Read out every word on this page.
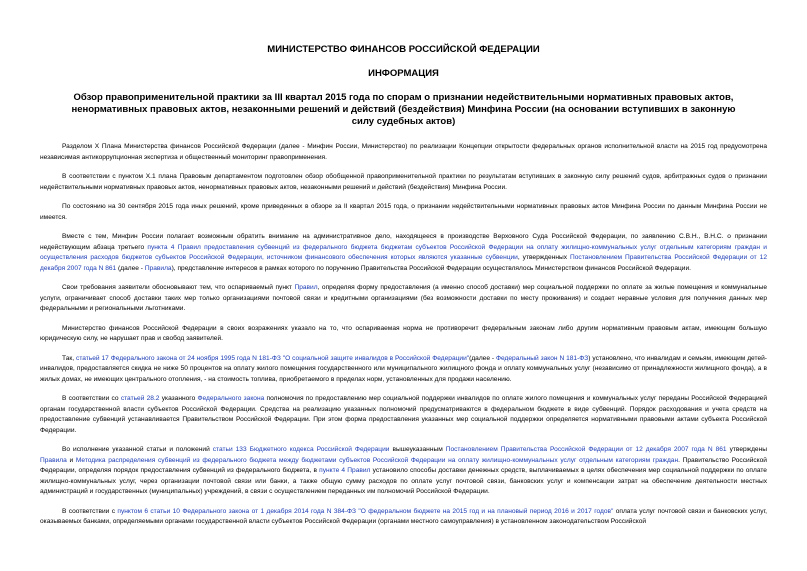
МИНИСТЕРСТВО ФИНАНСОВ РОССИЙСКОЙ ФЕДЕРАЦИИ
ИНФОРМАЦИЯ
Обзор правоприменительной практики за III квартал 2015 года по спорам о признании недействительными нормативных правовых актов, ненормативных правовых актов, незаконными решений и действий (бездействия) Минфина России (на основании вступивших в законную силу судебных актов)

Разделом X Плана Министерства финансов Российской Федерации (далее - Минфин России, Министерство) по реализации Концепции открытости федеральных органов исполнительной власти на 2015 год предусмотрена независимая антикоррупционная экспертиза и общественный мониторинг правоприменения.

В соответствии с пунктом X.1 плана Правовым департаментом подготовлен обзор обобщенной правоприменительной практики по результатам вступивших в законную силу решений судов, арбитражных судов о признании недействительными нормативных правовых актов, ненормативных правовых актов, незаконными решений и действий (бездействия) Минфина России.

По состоянию на 30 сентября 2015 года иных решений, кроме приведенных в обзоре за II квартал 2015 года, о признании недействительными нормативных правовых актов Минфина России по данным Минфина России не имеется.

Вместе с тем, Минфин России полагает возможным обратить внимание на административное дело, находящееся в производстве Верховного Суда Российской Федерации, по заявлению С.В.Н., В.Н.С. о признании недействующим абзаца третьего пункта 4 Правил предоставления субвенций из федерального бюджета бюджетам субъектов Российской Федерации на оплату жилищно-коммунальных услуг отдельным категориям граждан и осуществления расходов бюджетов субъектов Российской Федерации, источником финансового обеспечения которых являются указанные субвенции, утвержденных Постановлением Правительства Российской Федерации от 12 декабря 2007 года N 861 (далее - Правила), представление интересов в рамках которого по поручению Правительства Российской Федерации осуществлялось Министерством финансов Российской Федерации.

Свои требования заявители обосновывают тем, что оспариваемый пункт Правил, определяя форму предоставления (а именно способ доставки) мер социальной поддержки по оплате за жилые помещения и коммунальные услуги, ограничивает способ доставки таких мер только организациями почтовой связи и кредитными организациями (без возможности доставки по месту проживания) и создает неравные условия для получения данных мер федеральными и региональными льготниками.

Министерство финансов Российской Федерации в своих возражениях указало на то, что оспариваемая норма не противоречит федеральным законам либо другим нормативным правовым актам, имеющим большую юридическую силу, не нарушает прав и свобод заявителей.

Так, статьей 17 Федерального закона от 24 ноября 1995 года N 181-ФЗ "О социальной защите инвалидов в Российской Федерации"(далее - Федеральный закон N 181-ФЗ) установлено, что инвалидам и семьям, имеющим детей-инвалидов, предоставляется скидка не ниже 50 процентов на оплату жилого помещения государственного или муниципального жилищного фонда и оплату коммунальных услуг (независимо от принадлежности жилищного фонда), а в жилых домах, не имеющих центрального отопления, - на стоимость топлива, приобретаемого в пределах норм, установленных для продажи населению.

В соответствии со статьей 28.2 указанного Федерального закона полномочия по предоставлению мер социальной поддержки инвалидов по оплате жилого помещения и коммунальных услуг переданы Российской Федерацией органам государственной власти субъектов Российской Федерации. Средства на реализацию указанных полномочий предусматриваются в федеральном бюджете в виде субвенций. Порядок расходования и учета средств на предоставление субвенций устанавливается Правительством Российской Федерации. При этом форма предоставления указанных мер социальной поддержки определяется нормативными правовыми актами субъекта Российской Федерации.

Во исполнение указанной статьи и положений статьи 133 Бюджетного кодекса Российской Федерации вышеуказанным Постановлением Правительства Российской Федерации от 12 декабря 2007 года N 861 утверждены Правила и Методика распределения субвенций из федерального бюджета между бюджетами субъектов Российской Федерации на оплату жилищно-коммунальных услуг отдельным категориям граждан. Правительство Российской Федерации, определяя порядок предоставления субвенций из федерального бюджета, в пункте 4 Правил установило способы доставки денежных средств, выплачиваемых в целях обеспечения мер социальной поддержки по оплате жилищно-коммунальных услуг, через организации почтовой связи или банки, а также общую сумму расходов по оплате услуг почтовой связи, банковских услуг и компенсации затрат на обеспечение деятельности местных администраций и государственных (муниципальных) учреждений, в связи с осуществлением переданных им полномочий Российской Федерации.

В соответствии с пунктом 6 статьи 10 Федерального закона от 1 декабря 2014 года N 384-ФЗ "О федеральном бюджете на 2015 год и на плановый период 2016 и 2017 годов" оплата услуг почтовой связи и банковских услуг, оказываемых банками, определяемыми органами государственной власти субъектов Российской Федерации (органами местного самоуправления) в установленном законодательством Российской
